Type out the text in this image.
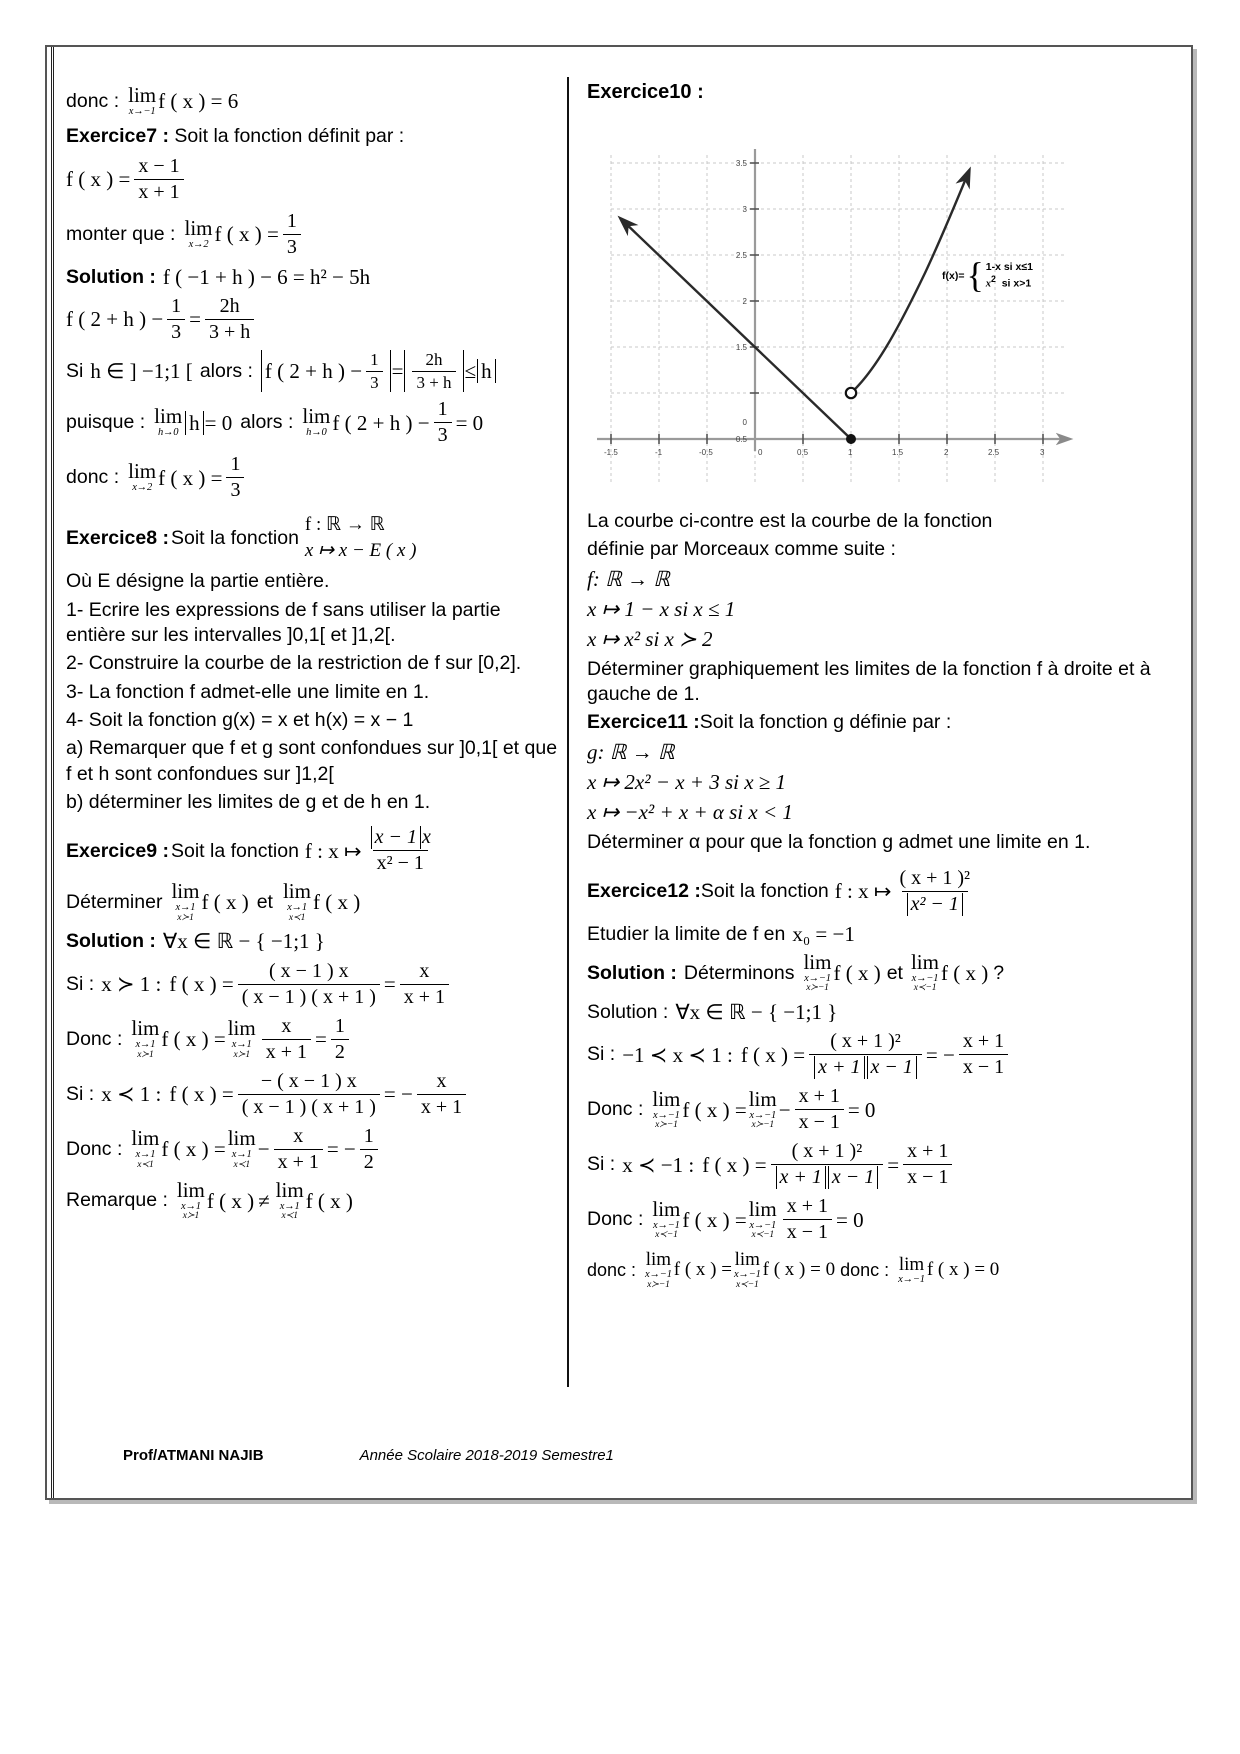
donc : lim
x→−1 f ( x ) = 6
Exercice7 : Soit la fonction définit par :
f ( x ) = $\frac{x - 1}{x + 1}$
monter que : lim
x→2 f ( x ) = $\frac{1}{3}$
Solution : f ( −1 + h ) − 6 = h² − 5h
f ( 2 + h ) − $\frac{1}{3} = \frac{2h}{3 + h}$
Si h ∈ ] −1;1 [ alors : f ( 2 + h ) − $\frac{1}{3} = \frac{2h}{3 + h} \le h$
puisque : lim
h→0 h = 0 alors : lim
h→0 f ( 2 + h ) − $\frac{1}{3} = 0$
donc : lim
x→2 f ( x ) = $\frac{1}{3}$
Exercice8 : Soit la fonction
f : ℝ → ℝ
x ↦ x − E ( x )
Où E désigne la partie entière.
1- Ecrire les expressions de f sans utiliser la partie entière sur les intervalles ]0,1[ et ]1,2[.
2- Construire la courbe de la restriction de f sur [0,2].
3- La fonction f admet-elle une limite en 1.
4- Soit la fonction g(x) = x et h(x) = x − 1
a) Remarquer que f et g sont confondues sur ]0,1[ et que f et h sont confondues sur ]1,2[
b) déterminer les limites de g et de h en 1.
Exercice9 : Soit la fonction f : x ↦ $\frac{x - 1 x}{\text{x² − 1}}$
Déterminer lim
x→1
x≻1
f ( x ) et lim
x→1
x≺1
f ( x )
Solution : ∀x ∈ ℝ − { −1;1 }
Si : x ≻ 1 : f ( x ) = $\frac{( x - 1 ) x}{( x - 1 ) ( x + 1 )} = \frac{x}{x + 1}$
Donc : lim
x→1
x≻1
f ( x ) = lim
x→1
x≻1 $\frac{x}{x + 1} = \frac{1}{2}$
Si : x ≺ 1 : f ( x ) = $\frac{- ( x - 1 ) x}{( x - 1 ) ( x + 1 )}$ = − $\frac{x}{x + 1}$
Donc : lim
x→1
x≺1
f ( x ) = lim
x→1
x≺1
− $\frac{x}{x + 1}$ = − $\frac{1}{2}$
Remarque : lim
x→1
x≻1
f ( x ) ≠ lim
x→1
x≺1
f ( x )
Exercice10 :
3.5
3
2.5
2
1.5
0.5
0
-1.5	-1	-0.5	0	0.5	1	1.5	2	2.5	3
f(x)= { 1-x si x≤1
$x^2$ si x>1
La courbe ci-contre est la courbe de la fonction
définie par Morceaux comme suite :
f: ℝ → ℝ
x ↦ 1 − x si x ≤ 1
x ↦ x² si x ≻ 2
Déterminer graphiquement les limites de la fonction f à droite et à gauche de 1.
Exercice11 :Soit la fonction g définie par :
g: ℝ → ℝ
x ↦ 2x² − x + 3 si x ≥ 1
x ↦ −x² + x + α si x < 1
Déterminer α pour que la fonction g admet une limite en 1.
Exercice12 : Soit la fonction f : x ↦ $\frac{\text{( x + 1 )²}}{\text{x² − 1}}$
Etudier la limite de f en x₀ = −1
Solution : Déterminons lim
x→−1
x≻−1
f ( x ) et lim
x→−1
x≺−1
f ( x ) ?
Solution : ∀x ∈ ℝ − { −1;1 }
Si : −1 ≺ x ≺ 1 : f ( x ) = $\frac{\text{( x + 1 )²}}{x + 1 x - 1}$ = − $\frac{x + 1}{x - 1}$
Donc : lim
x→−1
x≻−1
f ( x ) = lim
x→−1
x≻−1
− $\frac{x + 1}{x - 1} = 0$
Si : x ≺ −1 : f ( x ) = $\frac{\text{( x + 1 )²}}{x + 1 x - 1} = \frac{x + 1}{x - 1}$
Donc : lim
x→−1
x≺−1
f ( x ) = lim
x→−1
x≺−1 $\frac{x + 1}{x - 1} = 0$
donc : lim
x→−1
x≻−1
f ( x ) = lim
x→−1
x≺−1
f ( x ) = 0 donc : lim
x→−1 f ( x ) = 0
Prof/ATMANI NAJIB	Année Scolaire 2018-2019 Semestre1
